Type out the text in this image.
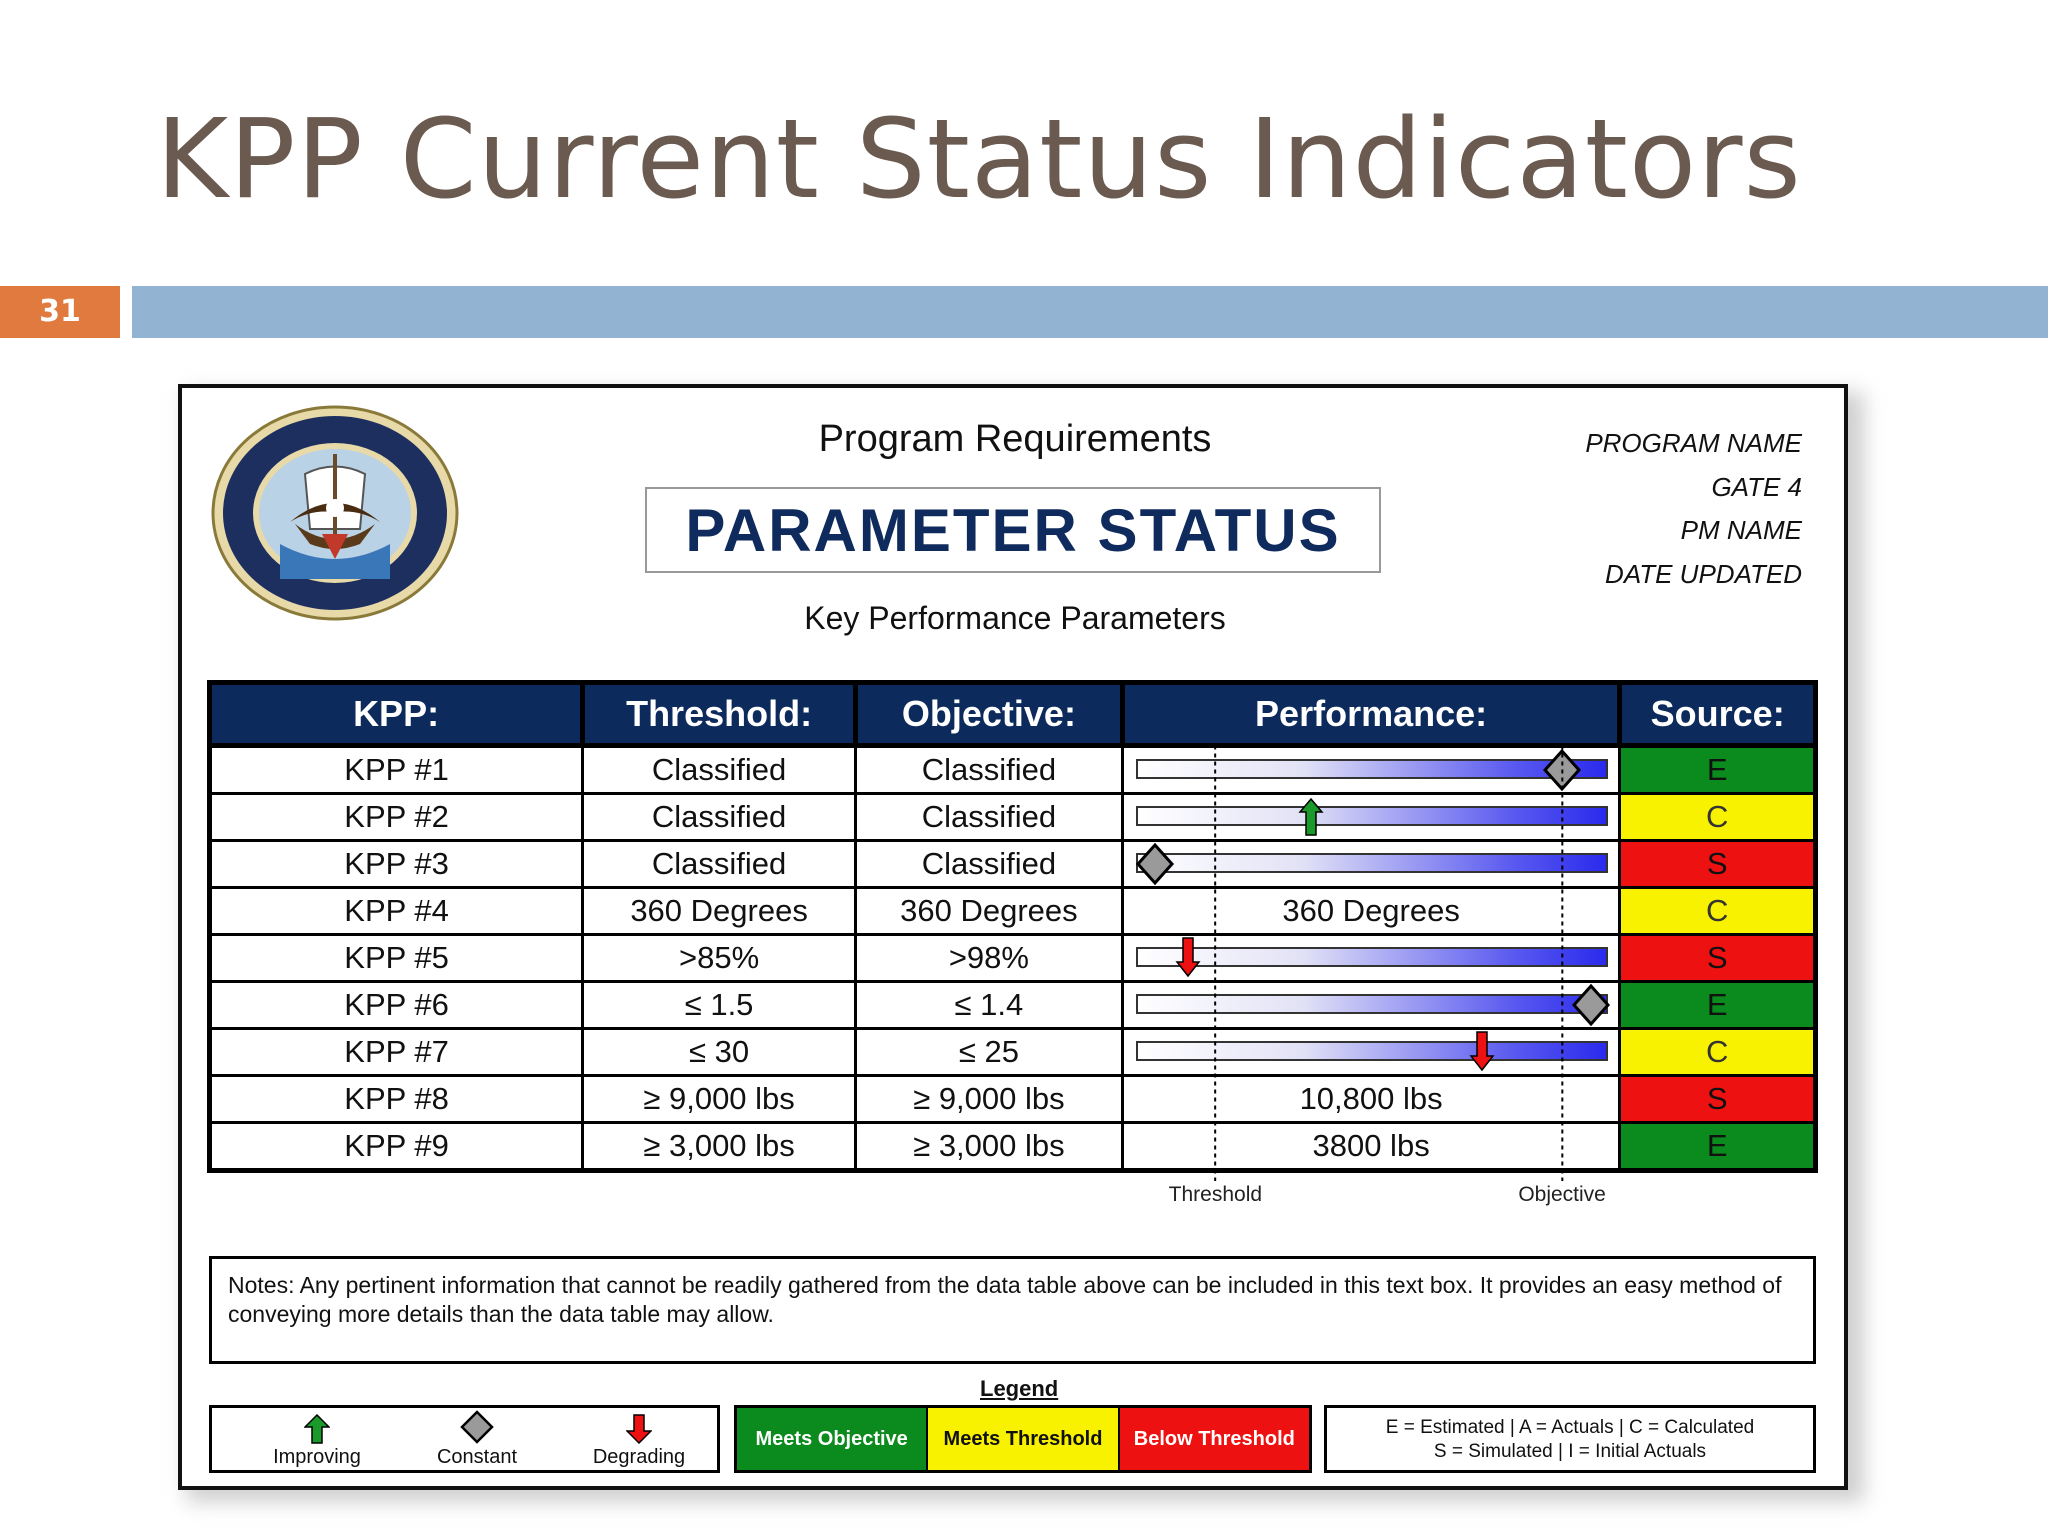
KPP Current Status Indicators
31
Program Requirements
PARAMETER STATUS
Key Performance Parameters
PROGRAM NAME
GATE 4
PM NAME
DATE UPDATED
KPP:	Threshold:	Objective:	Performance:	Source:
KPP #1	Classified	Classified		E
KPP #2	Classified	Classified		C
KPP #3	Classified	Classified		S
KPP #4	360 Degrees	360 Degrees	360 Degrees	C
KPP #5	>85%	>98%		S
KPP #6	≤ 1.5	≤ 1.4		E
KPP #7	≤ 30	≤ 25		C
KPP #8	≥ 9,000 lbs	≥ 9,000 lbs	10,800 lbs	S
KPP #9	≥ 3,000 lbs	≥ 3,000 lbs	3800 lbs	E
Threshold	Objective
Notes: Any pertinent information that cannot be readily gathered from the data table above can be included in this text box. It provides an easy method of conveying more details than the data table may allow.
Legend
Improving	Constant	Degrading
Meets Objective	Meets Threshold	Below Threshold
E = Estimated | A = Actuals | C = Calculated
S = Simulated | I = Initial Actuals
